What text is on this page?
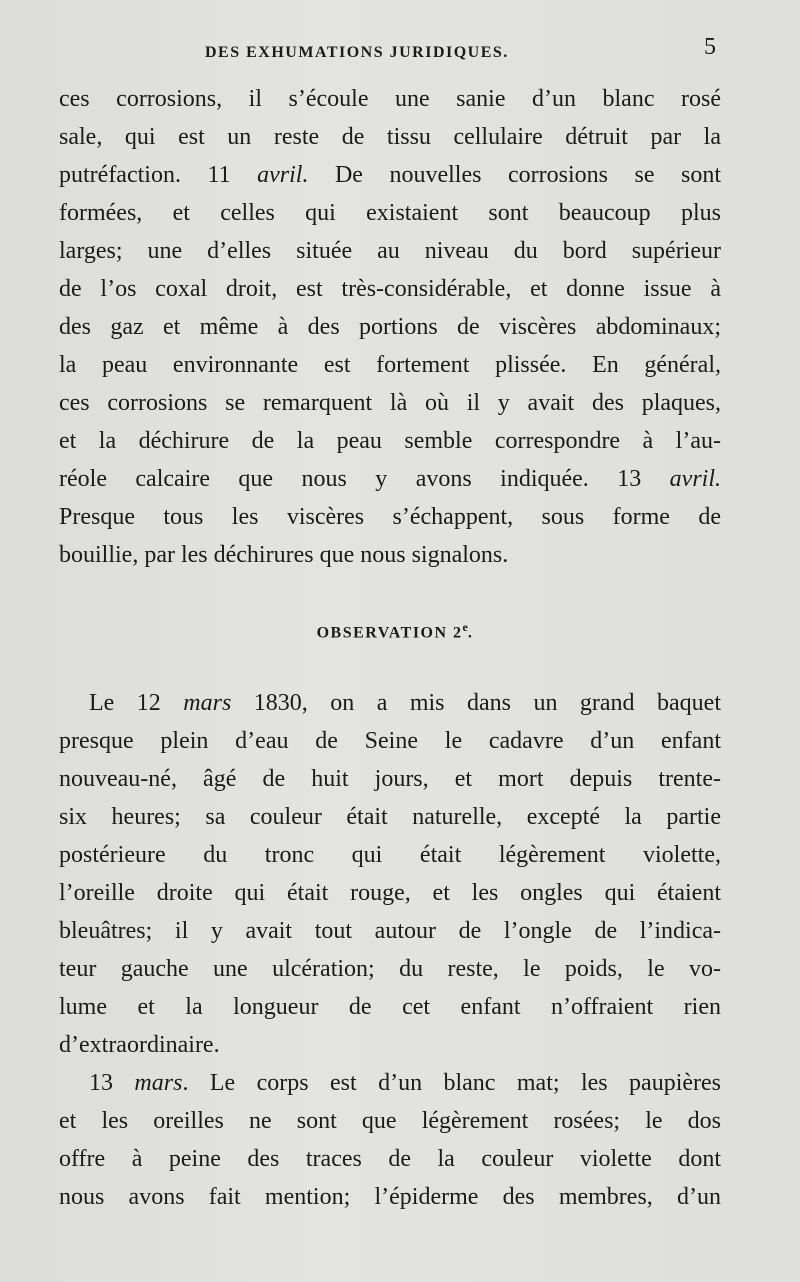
DES EXHUMATIONS JURIDIQUES.	5
ces corrosions, il s’écoule une sanie d’un blanc rosé
sale, qui est un reste de tissu cellulaire détruit par la
putréfaction. 11 avril. De nouvelles corrosions se sont
formées, et celles qui existaient sont beaucoup plus
larges; une d’elles située au niveau du bord supérieur
de l’os coxal droit, est très-considérable, et donne issue à
des gaz et même à des portions de viscères abdominaux;
la peau environnante est fortement plissée. En général,
ces corrosions se remarquent là où il y avait des plaques,
et la déchirure de la peau semble correspondre à l’au-
réole calcaire que nous y avons indiquée. 13 avril.
Presque tous les viscères s’échappent, sous forme de
bouillie, par les déchirures que nous signalons.
OBSERVATION 2e.
Le 12 mars 1830, on a mis dans un grand baquet
presque plein d’eau de Seine le cadavre d’un enfant
nouveau-né, âgé de huit jours, et mort depuis trente-
six heures; sa couleur était naturelle, excepté la partie
postérieure du tronc qui était légèrement violette,
l’oreille droite qui était rouge, et les ongles qui étaient
bleuâtres; il y avait tout autour de l’ongle de l’indica-
teur gauche une ulcération; du reste, le poids, le vo-
lume et la longueur de cet enfant n’offraient rien
d’extraordinaire.
13 mars. Le corps est d’un blanc mat; les paupières
et les oreilles ne sont que légèrement rosées; le dos
offre à peine des traces de la couleur violette dont
nous avons fait mention; l’épiderme des membres, d’un
